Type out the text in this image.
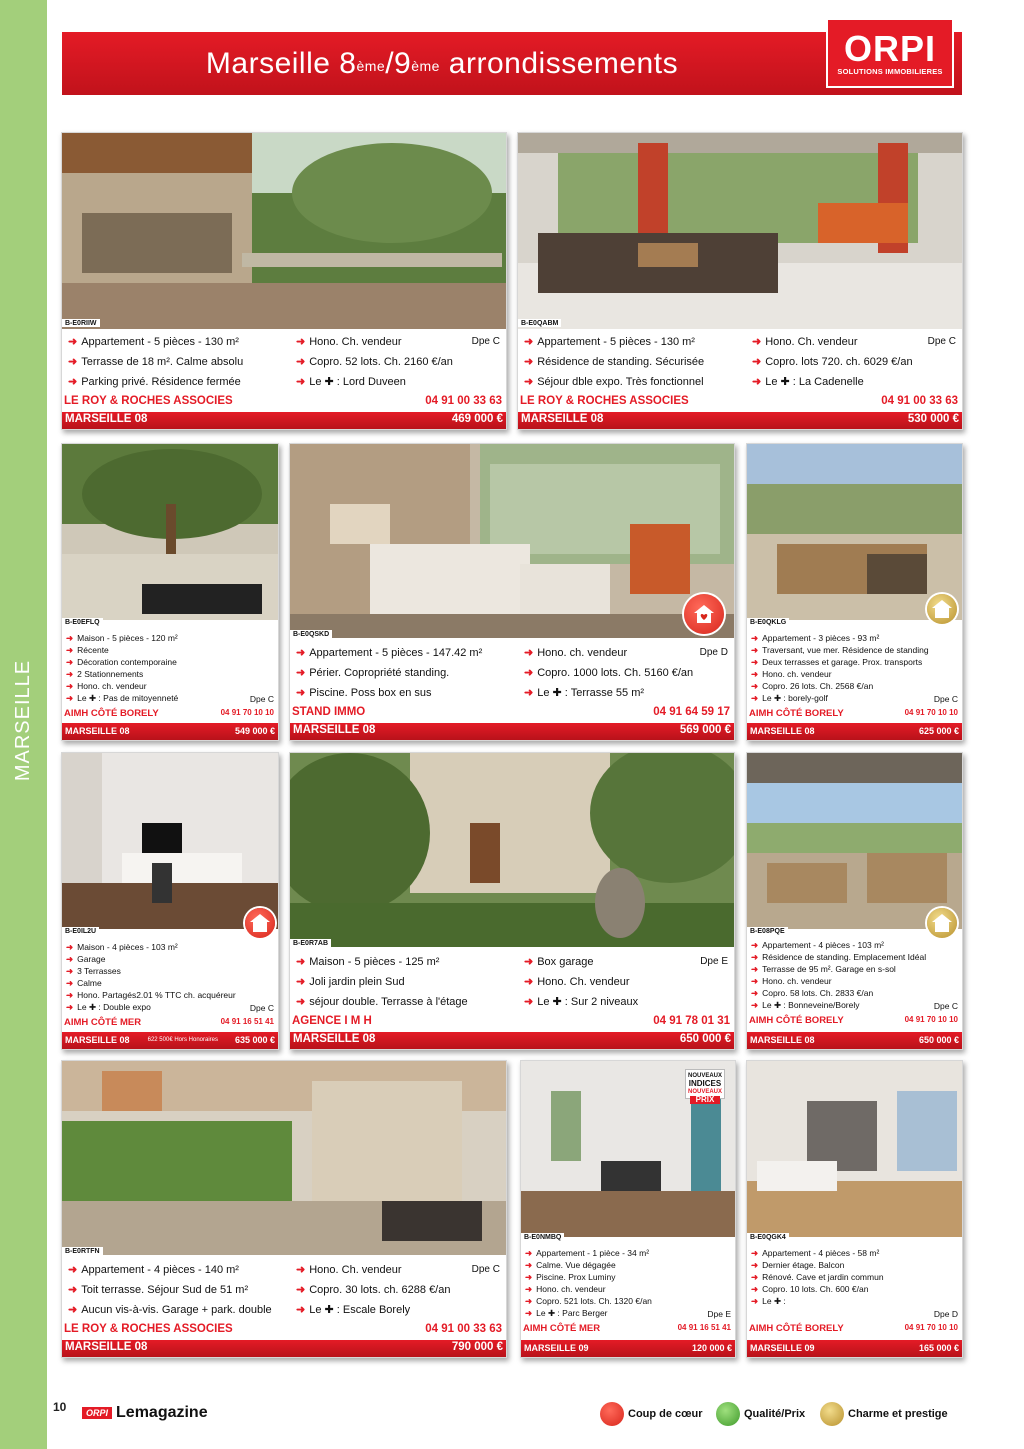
MARSEILLE
Marseille 8ème /9ème arrondissements	ORPI
SOLUTIONS IMMOBILIERES
B-E0RIIW
➜ Appartement - 5 pièces - 130 m²
➜ Terrasse de 18 m². Calme absolu
➜ Parking privé. Résidence fermée
➜ Hono. Ch. vendeur
➜ Copro. 52 lots. Ch. 2160 €/an
➜ Le ✚ : Lord Duveen
Dpe C
LE ROY & ROCHES ASSOCIES	04 91 00 33 63
MARSEILLE 08	469 000 €
B-E0QABM
➜ Appartement - 5 pièces - 130 m²
➜ Résidence de standing. Sécurisée
➜ Séjour dble expo. Très fonctionnel
➜ Hono. Ch. vendeur
➜ Copro. lots 720. ch. 6029 €/an
➜ Le ✚ : La Cadenelle
Dpe C
LE ROY & ROCHES ASSOCIES	04 91 00 33 63
MARSEILLE 08	530 000 €
B-E0EFLQ
➜ Maison - 5 pièces - 120 m²
➜ Récente
➜ Décoration contemporaine
➜ 2 Stationnements
➜ Hono. ch. vendeur
➜ Le ✚ : Pas de mitoyenneté	Dpe C
AIMH CÔTÉ BORELY	04 91 70 10 10
MARSEILLE 08	549 000 €
B-E0QSKD
➜ Appartement - 5 pièces - 147.42 m²
➜ Périer. Copropriété standing.
➜ Piscine. Poss box en sus
➜ Hono. ch. vendeur
➜ Copro. 1000 lots. Ch. 5160 €/an
➜ Le ✚ : Terrasse 55 m²
Dpe D
STAND IMMO	04 91 64 59 17
MARSEILLE 08	569 000 €
B-E0QKLG
➜ Appartement - 3 pièces - 93 m²
➜ Traversant, vue mer. Résidence de standing
➜ Deux terrasses et garage. Prox. transports
➜ Hono. ch. vendeur
➜ Copro. 26 lots. Ch. 2568 €/an
➜ Le ✚ : borely-golf	Dpe C
AIMH CÔTÉ BORELY	04 91 70 10 10
MARSEILLE 08	625 000 €
B-E0IL2U
➜ Maison - 4 pièces - 103 m²
➜ Garage
➜ 3 Terrasses
➜ Calme
➜ Hono. Partagés2.01 % TTC ch. acquéreur
➜ Le ✚ : Double expo	Dpe C
AIMH CÔTÉ MER	04 91 16 51 41
MARSEILLE 08	622 500€ Hors Honoraires 635 000 €
B-E0R7AB
➜ Maison - 5 pièces - 125 m²
➜ Joli jardin plein Sud
➜ séjour double. Terrasse à l'étage
➜ Box garage
➜ Hono. Ch. vendeur
➜ Le ✚ : Sur 2 niveaux
Dpe E
AGENCE I M H	04 91 78 01 31
MARSEILLE 08	650 000 €
B-E08PQE
➜ Appartement - 4 pièces - 103 m²
➜ Résidence de standing. Emplacement Idéal
➜ Terrasse de 95 m². Garage en s-sol
➜ Hono. ch. vendeur
➜ Copro. 58 lots. Ch. 2833 €/an
➜ Le ✚ : Bonneveine/Borely	Dpe C
AIMH CÔTÉ BORELY	04 91 70 10 10
MARSEILLE 08	650 000 €
B-E0RTFN
➜ Appartement - 4 pièces - 140 m²
➜ Toit terrasse. Séjour Sud de 51 m²
➜ Aucun vis-à-vis. Garage + park. double
➜ Hono. Ch. vendeur
➜ Copro. 30 lots. ch. 6288 €/an
➜ Le ✚ : Escale Borely
Dpe C
LE ROY & ROCHES ASSOCIES	04 91 00 33 63
MARSEILLE 08	790 000 €
NOUVEAUX
INDICES
NOUVEAUX
PRIX
B-E0NMBQ
➜ Appartement - 1 pièce - 34 m²
➜ Calme. Vue dégagée
➜ Piscine. Prox Luminy
➜ Hono. ch. vendeur
➜ Copro. 521 lots. Ch. 1320 €/an
➜ Le ✚ : Parc Berger	Dpe E
AIMH CÔTÉ MER	04 91 16 51 41
MARSEILLE 09	120 000 €
B-E0QGK4
➜ Appartement - 4 pièces - 58 m²
➜ Dernier étage. Balcon
➜ Rénové. Cave et jardin commun
➜ Copro. 10 lots. Ch. 600 €/an
➜ Le ✚ :
Dpe D
AIMH CÔTÉ BORELY	04 91 70 10 10
MARSEILLE 09	165 000 €
10	ORPI Lemagazine	Coup de cœur	Qualité/Prix	Charme et prestige
